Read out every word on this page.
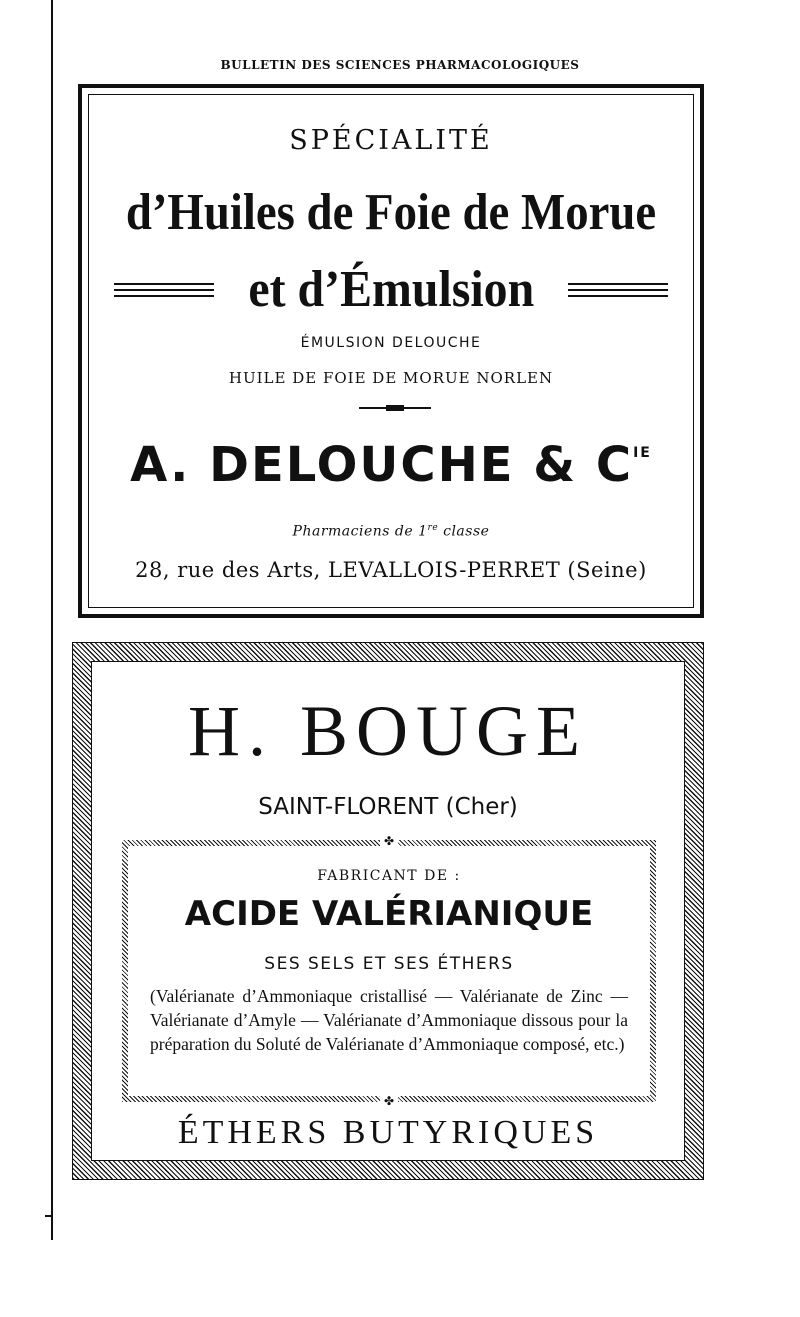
BULLETIN DES SCIENCES PHARMACOLOGIQUES
SPÉCIALITÉ
d’Huiles de Foie de Morue
et d’Émulsion
ÉMULSION DELOUCHE
HUILE DE FOIE DE MORUE NORLEN
A. DELOUCHE & $C^{IE}$
Pharmaciens de 1re classe
28, rue des Arts, LEVALLOIS-PERRET (Seine)
H. BOUGE
SAINT-FLORENT (Cher)
✤
FABRICANT DE :
ACIDE VALÉRIANIQUE
SES SELS ET SES ÉTHERS
(Valérianate d’Ammoniaque cristallisé — Valérianate de Zinc — Valérianate d’Amyle — Valérianate d’Ammoniaque dissous pour la préparation du Soluté de Valérianate d’Ammoniaque composé, etc.)
✤
ÉTHERS BUTYRIQUES
